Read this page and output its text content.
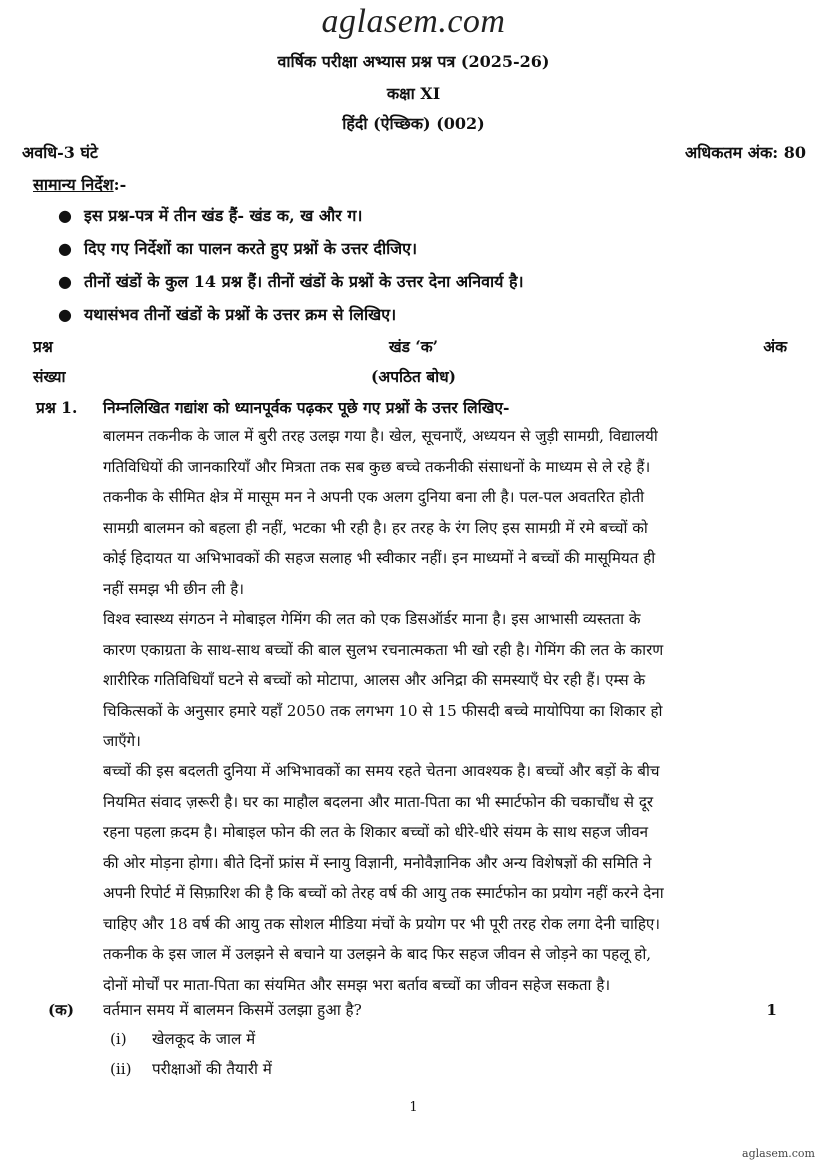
aglasem.com
वार्षिक परीक्षा अभ्यास प्रश्न पत्र (2025-26)
कक्षा XI
हिंदी (ऐच्छिक) (002)
अवधि-3 घंटे	अधिकतम अंक: 80
सामान्य निर्देश:-
● इस प्रश्न-पत्र में तीन खंड हैं- खंड क, ख और ग।
● दिए गए निर्देशों का पालन करते हुए प्रश्नों के उत्तर दीजिए।
● तीनों खंडों के कुल 14 प्रश्न हैं। तीनों खंडों के प्रश्नों के उत्तर देना अनिवार्य है।
● यथासंभव तीनों खंडों के प्रश्नों के उत्तर क्रम से लिखिए।
प्रश्न
संख्या
खंड ‘क’
(अपठित बोध)
अंक
प्रश्न 1. निम्नलिखित गद्यांश को ध्यानपूर्वक पढ़कर पूछे गए प्रश्नों के उत्तर लिखिए-
बालमन तकनीक के जाल में बुरी तरह उलझ गया है। खेल, सूचनाएँ, अध्ययन से जुड़ी सामग्री, विद्यालयी
गतिविधियों की जानकारियाँ और मित्रता तक सब कुछ बच्चे तकनीकी संसाधनों के माध्यम से ले रहे हैं।
तकनीक के सीमित क्षेत्र में मासूम मन ने अपनी एक अलग दुनिया बना ली है। पल-पल अवतरित होती
सामग्री बालमन को बहला ही नहीं, भटका भी रही है। हर तरह के रंग लिए इस सामग्री में रमे बच्चों को
कोई हिदायत या अभिभावकों की सहज सलाह भी स्वीकार नहीं। इन माध्यमों ने बच्चों की मासूमियत ही
नहीं समझ भी छीन ली है।
विश्व स्वास्थ्य संगठन ने मोबाइल गेमिंग की लत को एक डिसऑर्डर माना है। इस आभासी व्यस्तता के
कारण एकाग्रता के साथ-साथ बच्चों की बाल सुलभ रचनात्मकता भी खो रही है। गेमिंग की लत के कारण
शारीरिक गतिविधियाँ घटने से बच्चों को मोटापा, आलस और अनिद्रा की समस्याएँ घेर रही हैं। एम्स के
चिकित्सकों के अनुसार हमारे यहाँ 2050 तक लगभग 10 से 15 फीसदी बच्चे मायोपिया का शिकार हो
जाएँगे।
बच्चों की इस बदलती दुनिया में अभिभावकों का समय रहते चेतना आवश्यक है। बच्चों और बड़ों के बीच
नियमित संवाद ज़रूरी है। घर का माहौल बदलना और माता-पिता का भी स्मार्टफोन की चकाचौंध से दूर
रहना पहला क़दम है। मोबाइल फोन की लत के शिकार बच्चों को धीरे-धीरे संयम के साथ सहज जीवन
की ओर मोड़ना होगा। बीते दिनों फ्रांस में स्नायु विज्ञानी, मनोवैज्ञानिक और अन्य विशेषज्ञों की समिति ने
अपनी रिपोर्ट में सिफ़ारिश की है कि बच्चों को तेरह वर्ष की आयु तक स्मार्टफोन का प्रयोग नहीं करने देना
चाहिए और 18 वर्ष की आयु तक सोशल मीडिया मंचों के प्रयोग पर भी पूरी तरह रोक लगा देनी चाहिए।
तकनीक के इस जाल में उलझने से बचाने या उलझने के बाद फिर सहज जीवन से जोड़ने का पहलू हो,
दोनों मोर्चों पर माता-पिता का संयमित और समझ भरा बर्ताव बच्चों का जीवन सहेज सकता है।
(क) वर्तमान समय में बालमन किसमें उलझा हुआ है?	1
(i) खेलकूद के जाल में
(ii) परीक्षाओं की तैयारी में
1
aglasem.com
